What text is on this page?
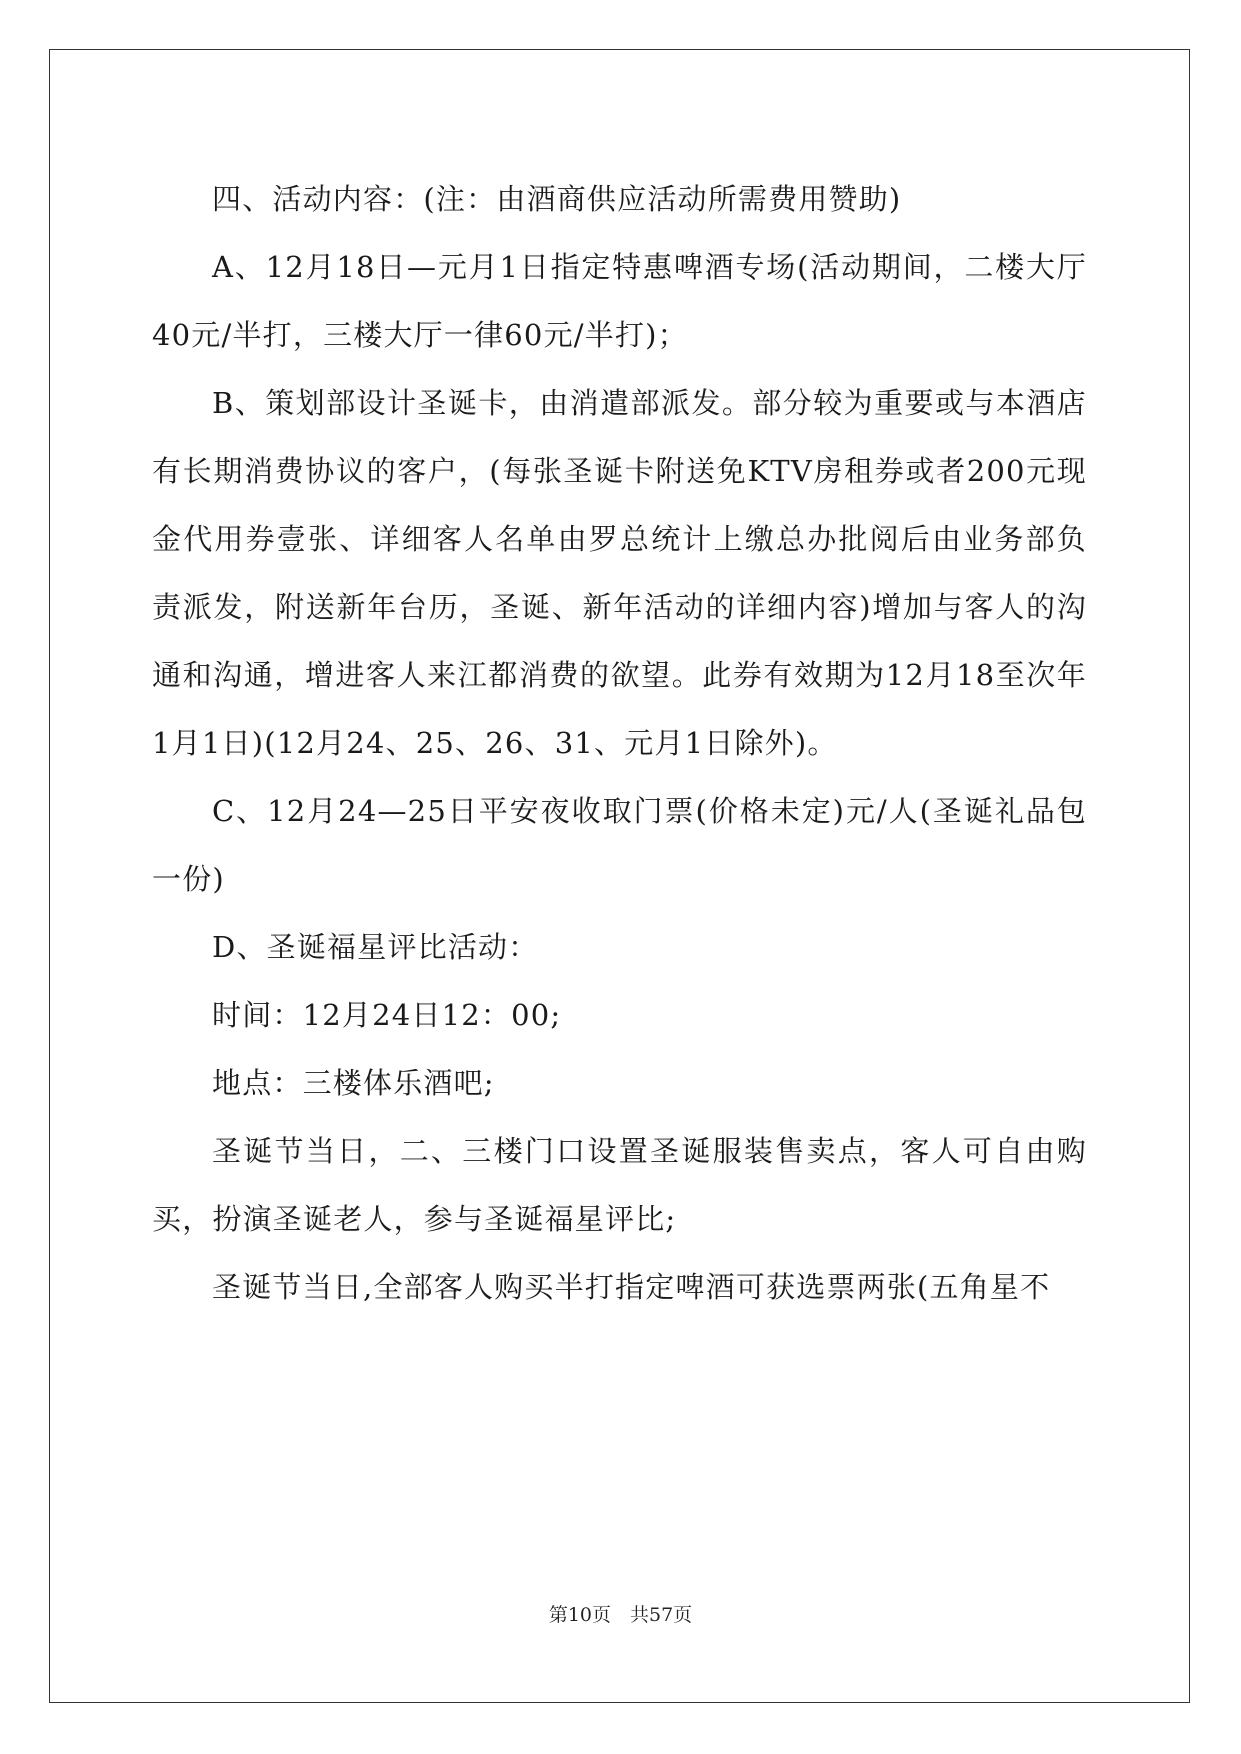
四、活动内容：(注：由酒商供应活动所需费用赞助)

A、12月18日—元月1日指定特惠啤酒专场(活动期间，二楼大厅40元/半打，三楼大厅一律60元/半打)；

B、策划部设计圣诞卡，由消遣部派发。部分较为重要或与本酒店有长期消费协议的客户，(每张圣诞卡附送免KTV房租券或者200元现金代用券壹张、详细客人名单由罗总统计上缴总办批阅后由业务部负责派发，附送新年台历，圣诞、新年活动的详细内容)增加与客人的沟通和沟通，增进客人来江都消费的欲望。此券有效期为12月18至次年1月1日)(12月24、25、26、31、元月1日除外)。

C、12月24—25日平安夜收取门票(价格未定)元/人(圣诞礼品包一份)

D、圣诞福星评比活动：

时间：12月24日12：00;

地点：三楼体乐酒吧;

圣诞节当日，二、三楼门口设置圣诞服装售卖点，客人可自由购买，扮演圣诞老人，参与圣诞福星评比;

圣诞节当日,全部客人购买半打指定啤酒可获选票两张(五角星不

第10页　共57页
